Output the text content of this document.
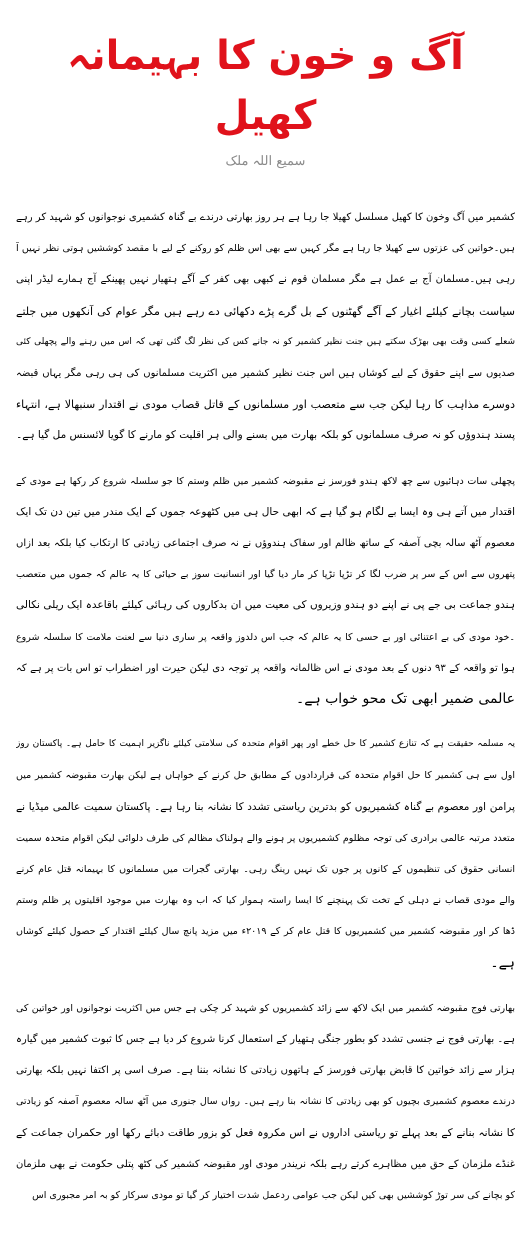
آگ و خون کا بہیمانہ کھیل
سمیع اللہ ملک
کشمیر میں آگ وخون کا کھیل مسلسل کھیلا جا رہا ہے ہر روز بھارتی درندے بے گناہ کشمیری نوجوانوں کو شہید کر رہے
ہیں۔خواتین کی عزتوں سے کھیلا جا رہا ہے مگر کہیں سے بھی اس ظلم کو روکنے کے لیے با مقصد کوششیں ہوتی نظر نہیں آ
رہی ہیں۔مسلمان آج بے عمل ہے مگر مسلمان قوم نے کبھی بھی کفر کے آگے ہتھیار نہیں پھینکے آج ہمارے لیڈر اپنی
سیاست بچانے کیلئے اغیار کے آگے گھٹنوں کے بل گرے پڑے دکھائی دے رہے ہیں مگر عوام کی آنکھوں میں جلتے
شعلے کسی وقت بھی بھڑک سکتے ہیں جنت نظیر کشمیر کو نہ جانے کس کی نظر لگ گئی تھی کہ اس میں رہنے والے پچھلی کئی
صدیوں سے اپنے حقوق کے لیے کوشاں ہیں اس جنت نظیر کشمیر میں اکثریت مسلمانوں کی ہی رہی مگر یہاں قبضہ
دوسرے مذاہب کا رہا لیکن جب سے متعصب اور مسلمانوں کے قاتل قصاب مودی نے اقتدار سنبھالا ہے، انتہاء
پسند ہندوؤں کو نہ صرف مسلمانوں کو بلکہ بھارت میں بسنے والی ہر اقلیت کو مارنے کا گویا لائسنس مل گیا ہے۔
پچھلی سات دہائیوں سے چھ لاکھ ہندو فورسز نے مقبوضہ کشمیر میں ظلم وستم کا جو سلسلہ شروع کر رکھا ہے مودی کے
اقتدار میں آتے ہی وہ ایسا بے لگام ہو گیا ہے کہ ابھی حال ہی میں کٹھوعہ جموں کے ایک مندر میں تین دن تک ایک
معصوم آٹھ سالہ بچی آصفہ کے ساتھ ظالم اور سفاک ہندوؤں نے نہ صرف اجتماعی زیادتی کا ارتکاب کیا بلکہ بعد ازاں
پتھروں سے اس کے سر پر ضرب لگا کر تڑپا تڑپا کر مار دیا گیا اور انسانیت سوز بے حیائی کا یہ عالم کہ جموں میں متعصب
ہندو جماعت بی جے پی نے اپنے دو ہندو وزیروں کی معیت میں ان بدکاروں کی رہائی کیلئے باقاعدہ ایک ریلی نکالی
۔خود مودی کی بے اعتنائی اور بے حسی کا یہ عالم کہ جب اس دلدوز واقعہ پر ساری دنیا سے لعنت ملامت کا سلسلہ شروع
ہوا تو واقعہ کے ۹۳ دنوں کے بعد مودی نے اس ظالمانہ واقعہ پر توجہ دی لیکن حیرت اور اضطراب تو اس بات پر ہے کہ
عالمی ضمیر ابھی تک محو خواب ہے۔
یہ مسلمہ حقیقت ہے کہ تنازع کشمیر کا حل خطے اور پھر اقوام متحدہ کی سلامتی کیلئے ناگزیر اہمیت کا حامل ہے۔ پاکستان روز
اول سے ہی کشمیر کا حل اقوام متحدہ کی قراردادوں کے مطابق حل کرنے کے خواہاں ہے لیکن بھارت مقبوضہ کشمیر میں
پرامن اور معصوم بے گناہ کشمیریوں کو بدترین ریاستی تشدد کا نشانہ بنا رہا ہے۔ پاکستان سمیت عالمی میڈیا نے
متعدد مرتبہ عالمی برادری کی توجہ مظلوم کشمیریوں پر ہونے والے ہولناک مظالم کی طرف دلوائی لیکن اقوام متحدہ سمیت
انسانی حقوق کی تنظیموں کے کانوں پر جوں تک نہیں رینگ رہی۔ بھارتی گجرات میں مسلمانوں کا بہیمانہ قتل عام کرنے
والے مودی قصاب نے دہلی کے تخت تک پہنچنے کا ایسا راستہ ہموار کیا کہ اب وہ بھارت میں موجود اقلیتوں پر ظلم وستم
ڈھا کر اور مقبوضہ کشمیر میں کشمیریوں کا قتل عام کر کے ۲۰۱۹ء میں مزید پانچ سال کیلئے اقتدار کے حصول کیلئے کوشاں
ہے۔
بھارتی فوج مقبوضہ کشمیر میں ایک لاکھ سے زائد کشمیریوں کو شہید کر چکی ہے جس میں اکثریت نوجوانوں اور خواتین کی
ہے۔ بھارتی فوج نے جنسی تشدد کو بطور جنگی ہتھیار کے استعمال کرنا شروع کر دیا ہے جس کا ثبوت کشمیر میں گیارہ
ہزار سے زائد خواتین کا قابض بھارتی فورسز کے ہاتھوں زیادتی کا نشانہ بننا ہے۔ صرف اسی پر اکتفا نہیں بلکہ بھارتی
درندے معصوم کشمیری بچیوں کو بھی زیادتی کا نشانہ بنا رہے ہیں۔ رواں سال جنوری میں آٹھ سالہ معصوم آصفہ کو زیادتی
کا نشانہ بنانے کے بعد پہلے تو ریاستی اداروں نے اس مکروہ فعل کو بزور طاقت دبائے رکھا اور حکمران جماعت کے
غنڈے ملزمان کے حق میں مظاہرے کرتے رہے بلکہ نریندر مودی اور مقبوضہ کشمیر کی کٹھ پتلی حکومت نے بھی ملزمان
کو بچانے کی سر توڑ کوششیں بھی کیں لیکن جب عوامی ردعمل شدت اختیار کر گیا تو مودی سرکار کو بہ امر مجبوری اس
